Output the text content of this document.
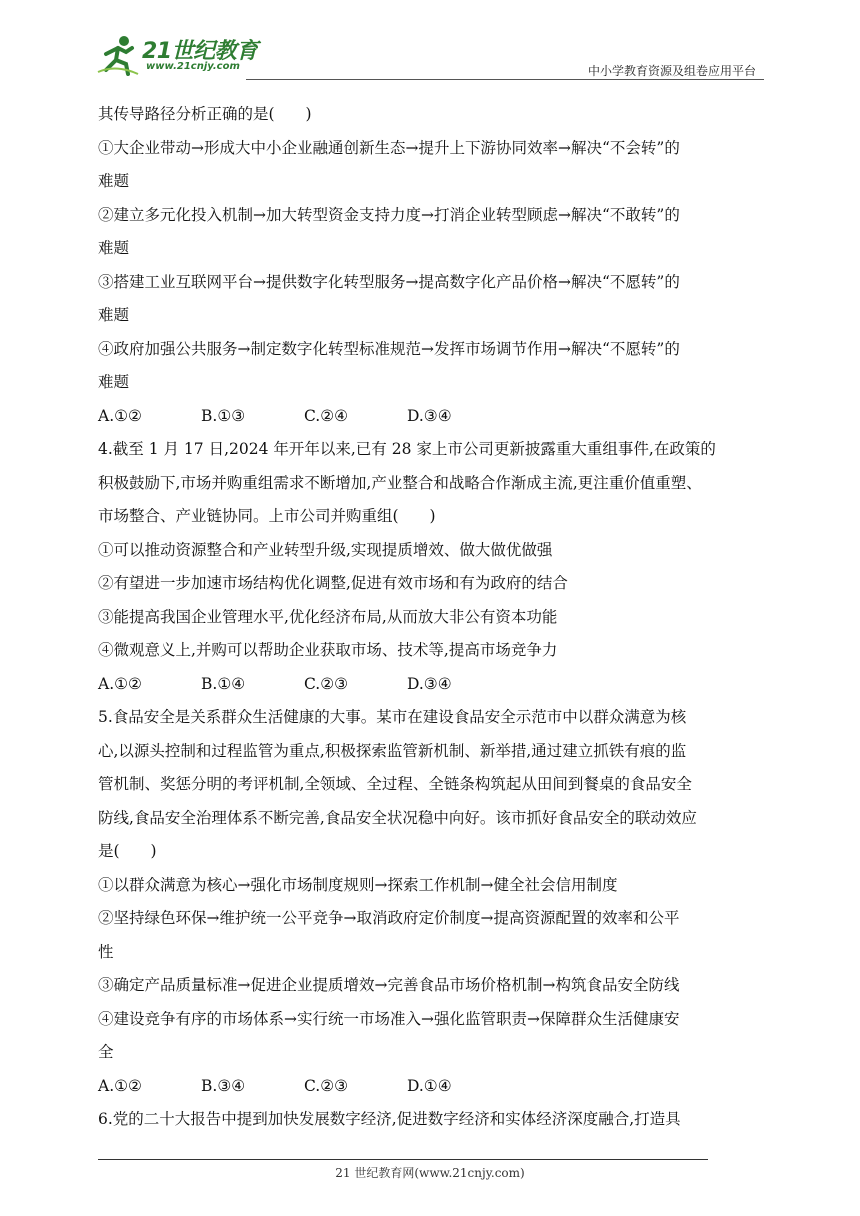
21世纪教育
www.21cnjy.com	中小学教育资源及组卷应用平台
其传导路径分析正确的是(　　)
①大企业带动→形成大中小企业融通创新生态→提升上下游协同效率→解决“不会转”的
难题
②建立多元化投入机制→加大转型资金支持力度→打消企业转型顾虑→解决“不敢转”的
难题
③搭建工业互联网平台→提供数字化转型服务→提高数字化产品价格→解决“不愿转”的
难题
④政府加强公共服务→制定数字化转型标准规范→发挥市场调节作用→解决“不愿转”的
难题
A.①②	B.①③	C.②④	D.③④
4.截至 1 月 17 日,2024 年开年以来,已有 28 家上市公司更新披露重大重组事件,在政策的
积极鼓励下,市场并购重组需求不断增加,产业整合和战略合作渐成主流,更注重价值重塑、
市场整合、产业链协同。上市公司并购重组(　　)
①可以推动资源整合和产业转型升级,实现提质增效、做大做优做强
②有望进一步加速市场结构优化调整,促进有效市场和有为政府的结合
③能提高我国企业管理水平,优化经济布局,从而放大非公有资本功能
④微观意义上,并购可以帮助企业获取市场、技术等,提高市场竞争力
A.①②	B.①④	C.②③	D.③④
5.食品安全是关系群众生活健康的大事。某市在建设食品安全示范市中以群众满意为核
心,以源头控制和过程监管为重点,积极探索监管新机制、新举措,通过建立抓铁有痕的监
管机制、奖惩分明的考评机制,全领域、全过程、全链条构筑起从田间到餐桌的食品安全
防线,食品安全治理体系不断完善,食品安全状况稳中向好。该市抓好食品安全的联动效应
是(　　)
①以群众满意为核心→强化市场制度规则→探索工作机制→健全社会信用制度
②坚持绿色环保→维护统一公平竞争→取消政府定价制度→提高资源配置的效率和公平
性
③确定产品质量标准→促进企业提质增效→完善食品市场价格机制→构筑食品安全防线
④建设竞争有序的市场体系→实行统一市场准入→强化监管职责→保障群众生活健康安
全
A.①②	B.③④	C.②③	D.①④
6.党的二十大报告中提到加快发展数字经济,促进数字经济和实体经济深度融合,打造具
21 世纪教育网(www.21cnjy.com)
